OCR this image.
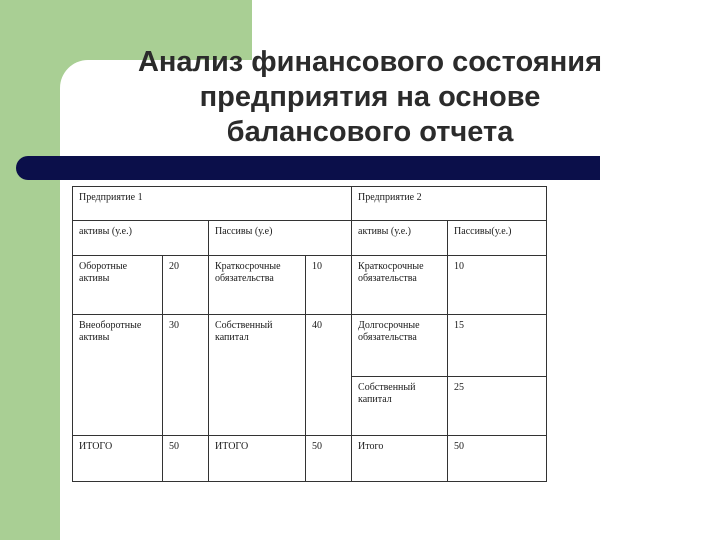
Анализ финансового состояния
предприятия на основе
балансового отчета
Предприятие 1				Предприятие 2	
активы (у.е.)		Пассивы (у.е)		активы (у.е.)	Пассивы(у.е.)
Оборотные активы	20	Краткосрочные обязательства	10	Краткосрочные обязательства	10
Внеоборотные активы	30	Собственный капитал	40	Долгосрочные обязательства	15
				Собственный капитал	25
ИТОГО	50	ИТОГО	50	Итого	50
